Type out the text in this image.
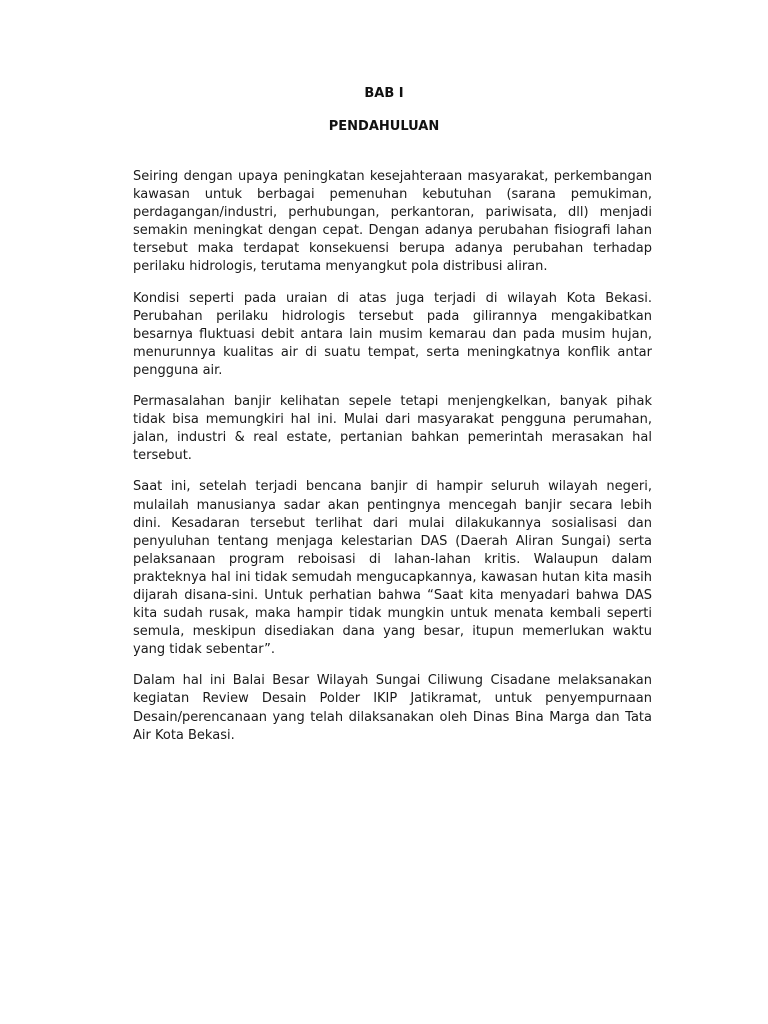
BAB I
PENDAHULUAN

Seiring dengan upaya peningkatan kesejahteraan masyarakat, perkembangan kawasan untuk berbagai pemenuhan kebutuhan (sarana pemukiman, perdagangan/industri, perhubungan, perkantoran, pariwisata, dll) menjadi semakin meningkat dengan cepat. Dengan adanya perubahan fisiografi lahan tersebut maka terdapat konsekuensi berupa adanya perubahan terhadap perilaku hidrologis, terutama menyangkut pola distribusi aliran.

Kondisi seperti pada uraian di atas juga terjadi di wilayah Kota Bekasi. Perubahan perilaku hidrologis tersebut pada gilirannya mengakibatkan besarnya fluktuasi debit antara lain musim kemarau dan pada musim hujan, menurunnya kualitas air di suatu tempat, serta meningkatnya konflik antar pengguna air.

Permasalahan banjir kelihatan sepele tetapi menjengkelkan, banyak pihak tidak bisa memungkiri hal ini. Mulai dari masyarakat pengguna perumahan, jalan, industri & real estate, pertanian bahkan pemerintah merasakan hal tersebut.

Saat ini, setelah terjadi bencana banjir di hampir seluruh wilayah negeri, mulailah manusianya sadar akan pentingnya mencegah banjir secara lebih dini. Kesadaran tersebut terlihat dari mulai dilakukannya sosialisasi dan penyuluhan tentang menjaga kelestarian DAS (Daerah Aliran Sungai) serta pelaksanaan program reboisasi di lahan-lahan kritis. Walaupun dalam prakteknya hal ini tidak semudah mengucapkannya, kawasan hutan kita masih dijarah disana-sini. Untuk perhatian bahwa “Saat kita menyadari bahwa DAS kita sudah rusak, maka hampir tidak mungkin untuk menata kembali seperti semula, meskipun disediakan dana yang besar, itupun memerlukan waktu yang tidak sebentar”.

Dalam hal ini Balai Besar Wilayah Sungai Ciliwung Cisadane melaksanakan kegiatan Review Desain Polder IKIP Jatikramat, untuk penyempurnaan Desain/perencanaan yang telah dilaksanakan oleh Dinas Bina Marga dan Tata Air Kota Bekasi.
